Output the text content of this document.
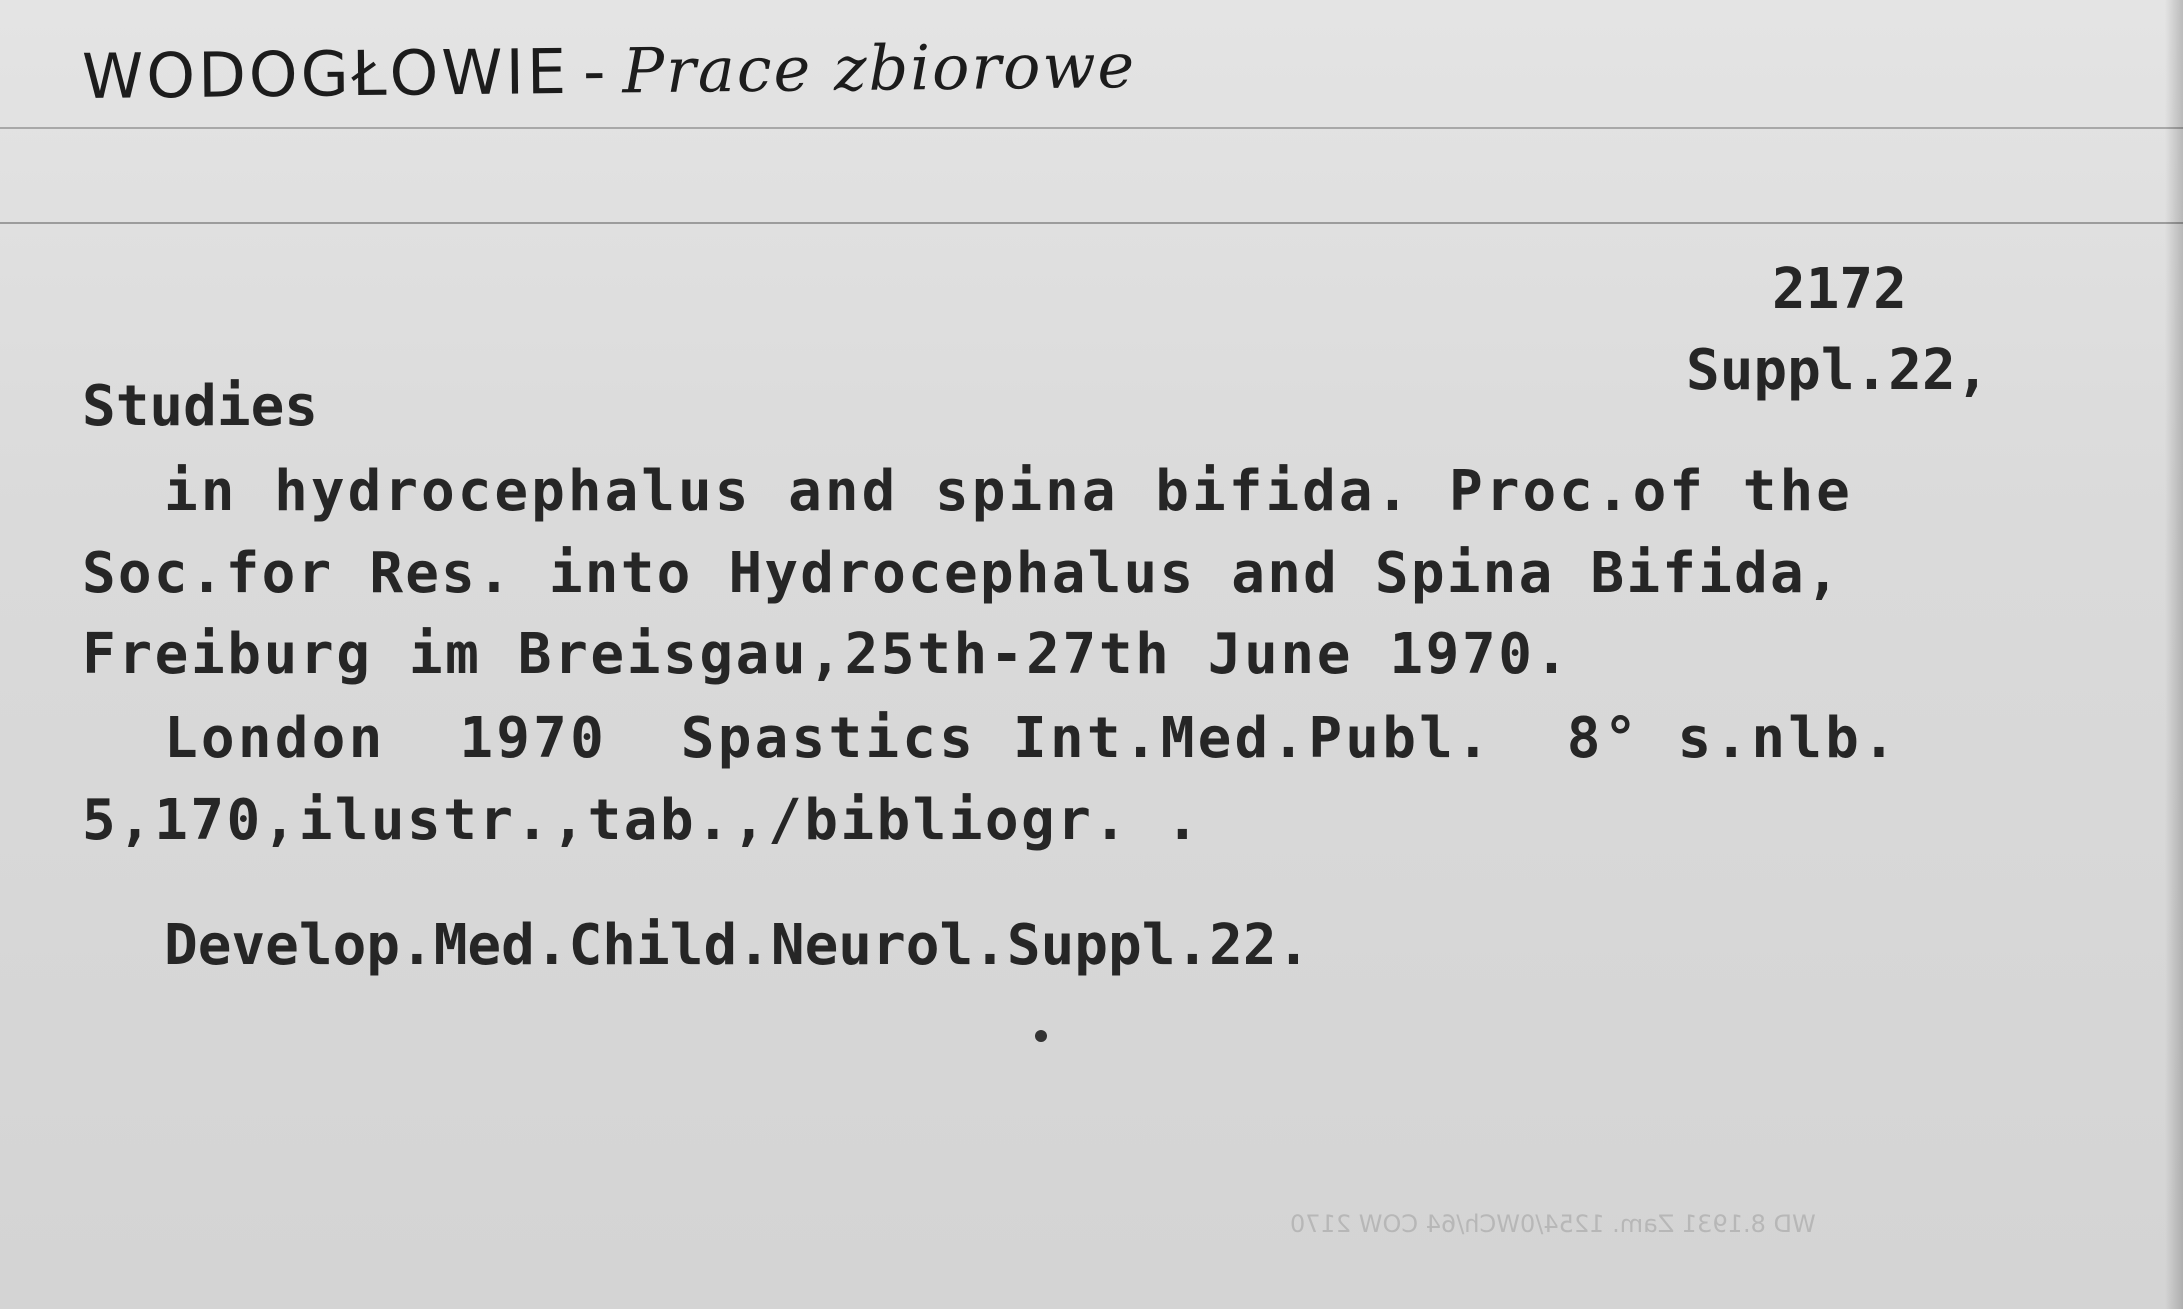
WODOGŁOWIE - Prace zbiorowe
2172
Suppl.22,
Studies
in hydrocephalus and spina bifida. Proc.of the
Soc.for Res. into Hydrocephalus and Spina Bifida,
Freiburg im Breisgau,25th-27th June 1970.
London  1970  Spastics Int.Med.Publ.  8° s.nlb.
5,170,ilustr.,tab.,/bibliogr. .
Develop.Med.Child.Neurol.Suppl.22.
WD 8.1931 Zam. 1254/0WCh/64 COW 2170
